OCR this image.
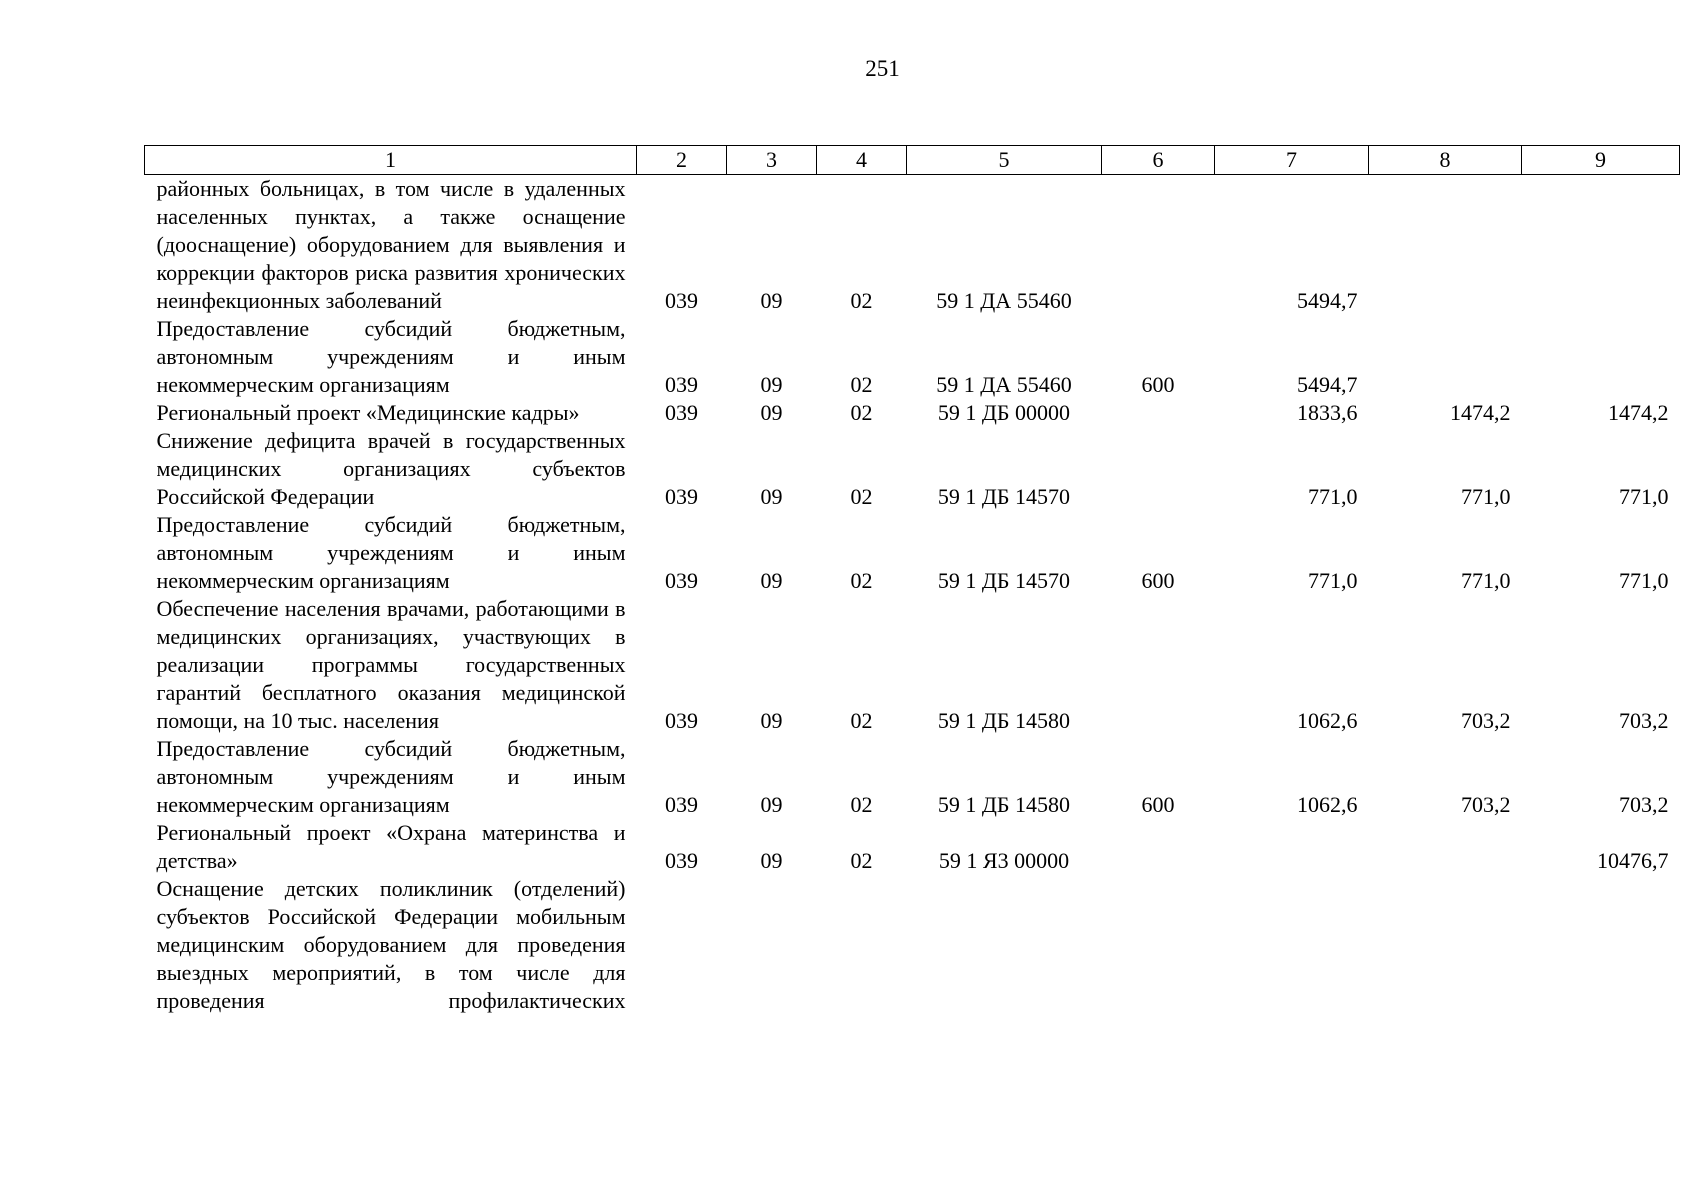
251
1	2	3	4	5	6	7	8	9
районных больницах, в том числе в удаленных населенных пунктах, а также оснащение (дооснащение) оборудованием для выявления и коррекции факторов риска развития хронических неинфекционных заболеваний	039	09	02	59 1 ДА 55460		5494,7		
Предоставление субсидий бюджетным, автономным учреждениям и иным некоммерческим организациям	039	09	02	59 1 ДА 55460	600	5494,7		
Региональный проект «Медицинские кадры»	039	09	02	59 1 ДБ 00000		1833,6	1474,2	1474,2
Снижение дефицита врачей в государственных медицинских организациях субъектов Российской Федерации	039	09	02	59 1 ДБ 14570		771,0	771,0	771,0
Предоставление субсидий бюджетным, автономным учреждениям и иным некоммерческим организациям	039	09	02	59 1 ДБ 14570	600	771,0	771,0	771,0
Обеспечение населения врачами, работающими в медицинских организациях, участвующих в реализации программы государственных гарантий бесплатного оказания медицинской помощи, на 10 тыс. населения	039	09	02	59 1 ДБ 14580		1062,6	703,2	703,2
Предоставление субсидий бюджетным, автономным учреждениям и иным некоммерческим организациям	039	09	02	59 1 ДБ 14580	600	1062,6	703,2	703,2
Региональный проект «Охрана материнства и детства»	039	09	02	59 1 Я3 00000				10476,7
Оснащение детских поликлиник (отделений) субъектов Российской Федерации мобильным медицинским оборудованием для проведения выездных мероприятий, в том числе для проведения профилактических								
